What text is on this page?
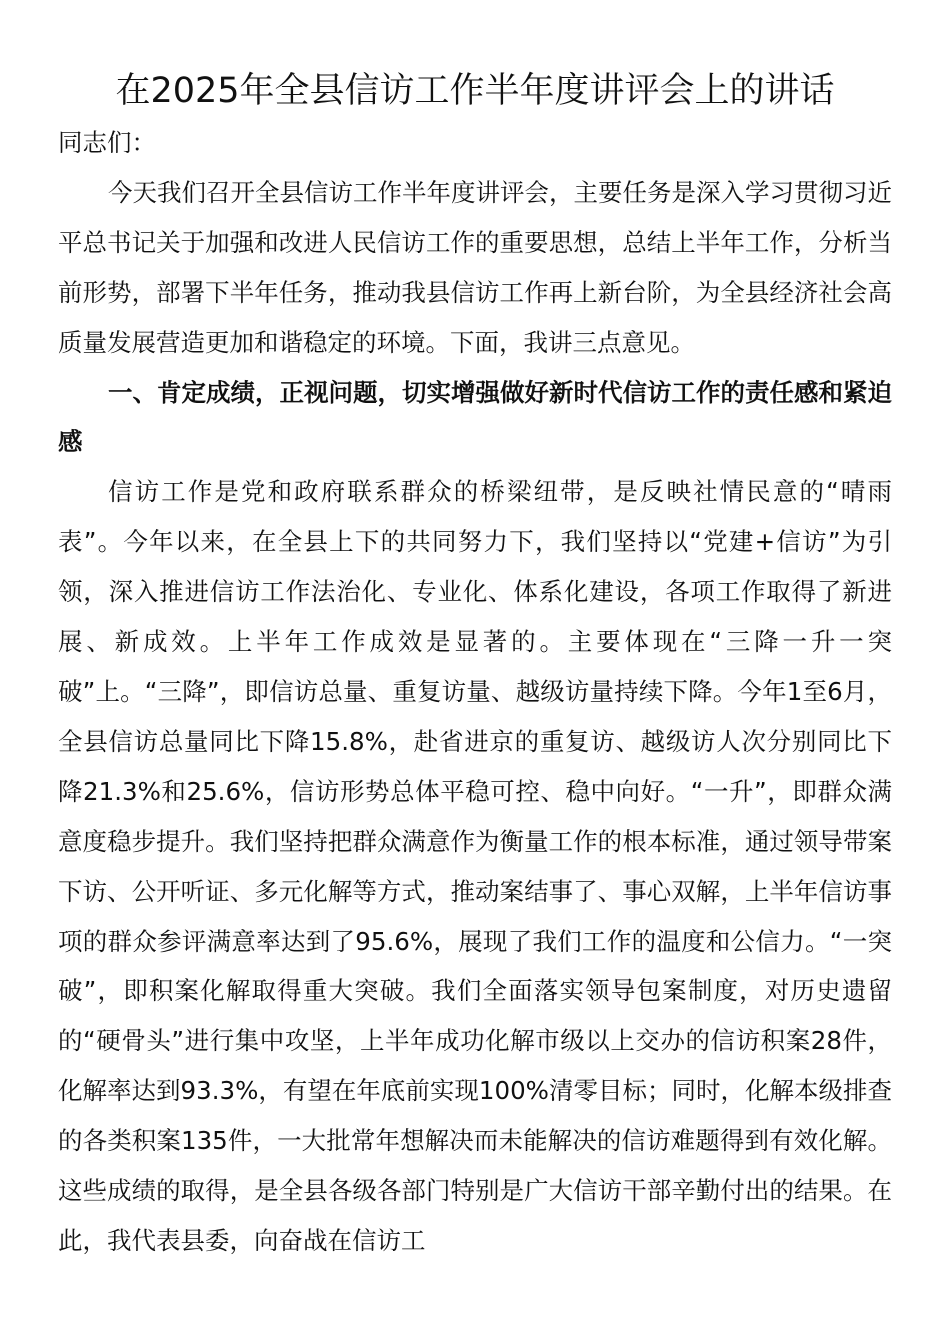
在2025年全县信访工作半年度讲评会上的讲话

同志们：

今天我们召开全县信访工作半年度讲评会，主要任务是深入学习贯彻习近平总书记关于加强和改进人民信访工作的重要思想，总结上半年工作，分析当前形势，部署下半年任务，推动我县信访工作再上新台阶，为全县经济社会高质量发展营造更加和谐稳定的环境。下面，我讲三点意见。

一、肯定成绩，正视问题，切实增强做好新时代信访工作的责任感和紧迫感

信访工作是党和政府联系群众的桥梁纽带，是反映社情民意的“晴雨表”。今年以来，在全县上下的共同努力下，我们坚持以“党建+信访”为引领，深入推进信访工作法治化、专业化、体系化建设，各项工作取得了新进展、新成效。上半年工作成效是显著的。主要体现在“三降一升一突破”上。“三降”，即信访总量、重复访量、越级访量持续下降。今年1至6月，全县信访总量同比下降15.8%，赴省进京的重复访、越级访人次分别同比下降21.3%和25.6%，信访形势总体平稳可控、稳中向好。“一升”，即群众满意度稳步提升。我们坚持把群众满意作为衡量工作的根本标准，通过领导带案下访、公开听证、多元化解等方式，推动案结事了、事心双解，上半年信访事项的群众参评满意率达到了95.6%，展现了我们工作的温度和公信力。“一突破”，即积案化解取得重大突破。我们全面落实领导包案制度，对历史遗留的“硬骨头”进行集中攻坚，上半年成功化解市级以上交办的信访积案28件，化解率达到93.3%，有望在年底前实现100%清零目标；同时，化解本级排查的各类积案135件，一大批常年想解决而未能解决的信访难题得到有效化解。这些成绩的取得，是全县各级各部门特别是广大信访干部辛勤付出的结果。在此，我代表县委，向奋战在信访工
